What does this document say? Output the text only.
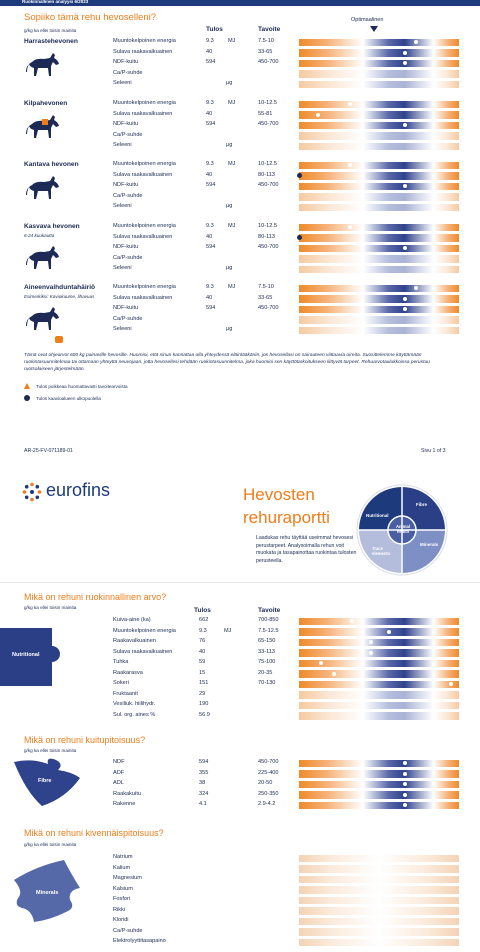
Ruokinnallinen analyysi 6/2023
Sopiiko tämä rehu hevoselleni?
g/kg ka ellei toisin mainita	Tulos	Tavoite
Optimaalinen
Harrastehevonen	Muuntokelpoinen energia	9.3	MJ	7.5-10
Sulava raakavalkuainen	40	33-65
NDF-kuitu	594	450-700
Ca/P-suhde
Seleeni	µg
Kilpahevonen	Muuntokelpoinen energia	9.3	MJ	10-12.5
Sulava raakavalkuainen	40	55-81
NDF-kuitu	594	450-700
Ca/P-suhde
Seleeni	µg
Kantava hevonen	Muuntokelpoinen energia	9.3	MJ	10-12.5
Sulava raakavalkuainen	40	80-113
NDF-kuitu	594	450-700
Ca/P-suhde
Seleeni	µg
Kasvava hevonen
6-24 kuukautta
Muuntokelpoinen energia	9.3	MJ	10-12.5
Sulava raakavalkuainen	40	80-113
NDF-kuitu	594	450-700
Ca/P-suhde
Seleeni	µg
Aineenvaihduntahäiriö
Esimerkiksi: Kaviokuume, lihavuus
Muuntokelpoinen energia	9.3	MJ	7.5-10
Sulava raakavalkuainen	40	33-65
NDF-kuitu	594	450-700
Ca/P-suhde
Seleeni	µg
Tämä ovat ohjearvot 600 kg painaville hevosille. Huomioi, että sinun kannattaa olla yhteydessä eläinlääkäriin, jos hevosellasi on sairauteen viittaavia oireita. Suosittelemme käyttämään ruokintasuunnitelmaa tai ottamaan yhteyttä neuvojaan, jotta hevosellesi tehdään ruokintasuunnitelma, joka huomioi sen käyttötarkoitukseen liittyvät tarpeet. Rehuarvotaulukkoissa perustuu ruotsalaiseen järjestelmään.
Tulos poikkeaa huomattavasti tavoitearvoista
Tulos kaavioalueen ulkopuolella
AR-25-FV-071189-01	Sivu 1 of 3
eurofins	Hevosten
rehuraportti
Laadukas rehu täyttää useimmat hevosesi perustarpeet. Analysoimalla rehun voit muokata ja tasapainottaa ruokintaa tulosten perusteella.
Nutritional
Fibre
Animal health
Trace elements
Minerals
Mikä on rehuni ruokinnallinen arvo?
g/kg ka ellei toisin mainita	Tulos	Tavoite
Nutritional
Kuiva-aine (ka)	662	700-850
Muuntokelpoinen energia	9.3	MJ	7.5-12.5
Raakavalkuainen	76	65-150
Sulava raakavalkuainen	40	33-113
Tuhka	59	75-100
Raakarasva	15	20-35
Sokeri	151	70-130
Fruktaanit	29
Vesiliuk. hiilihydr.	190
Sul. org. aines %	56.9
Mikä on rehuni kuitupitoisuus?
g/kg ka ellei toisin mainita
Fibre
NDF	594	450-700
ADF	355	225-400
ADL	38	20-50
Raakakuitu	324	250-350
Rakenne	4.1	2.9-4.2
Mikä on rehuni kivennäispitoisuus?
g/kg ka ellei toisin mainita
Minerals
Natrium
Kalium
Magnesium
Kalsium
Fosfori
Rikki
Kloridi
Ca/P-suhde
Elektrolyyttitasapaino
